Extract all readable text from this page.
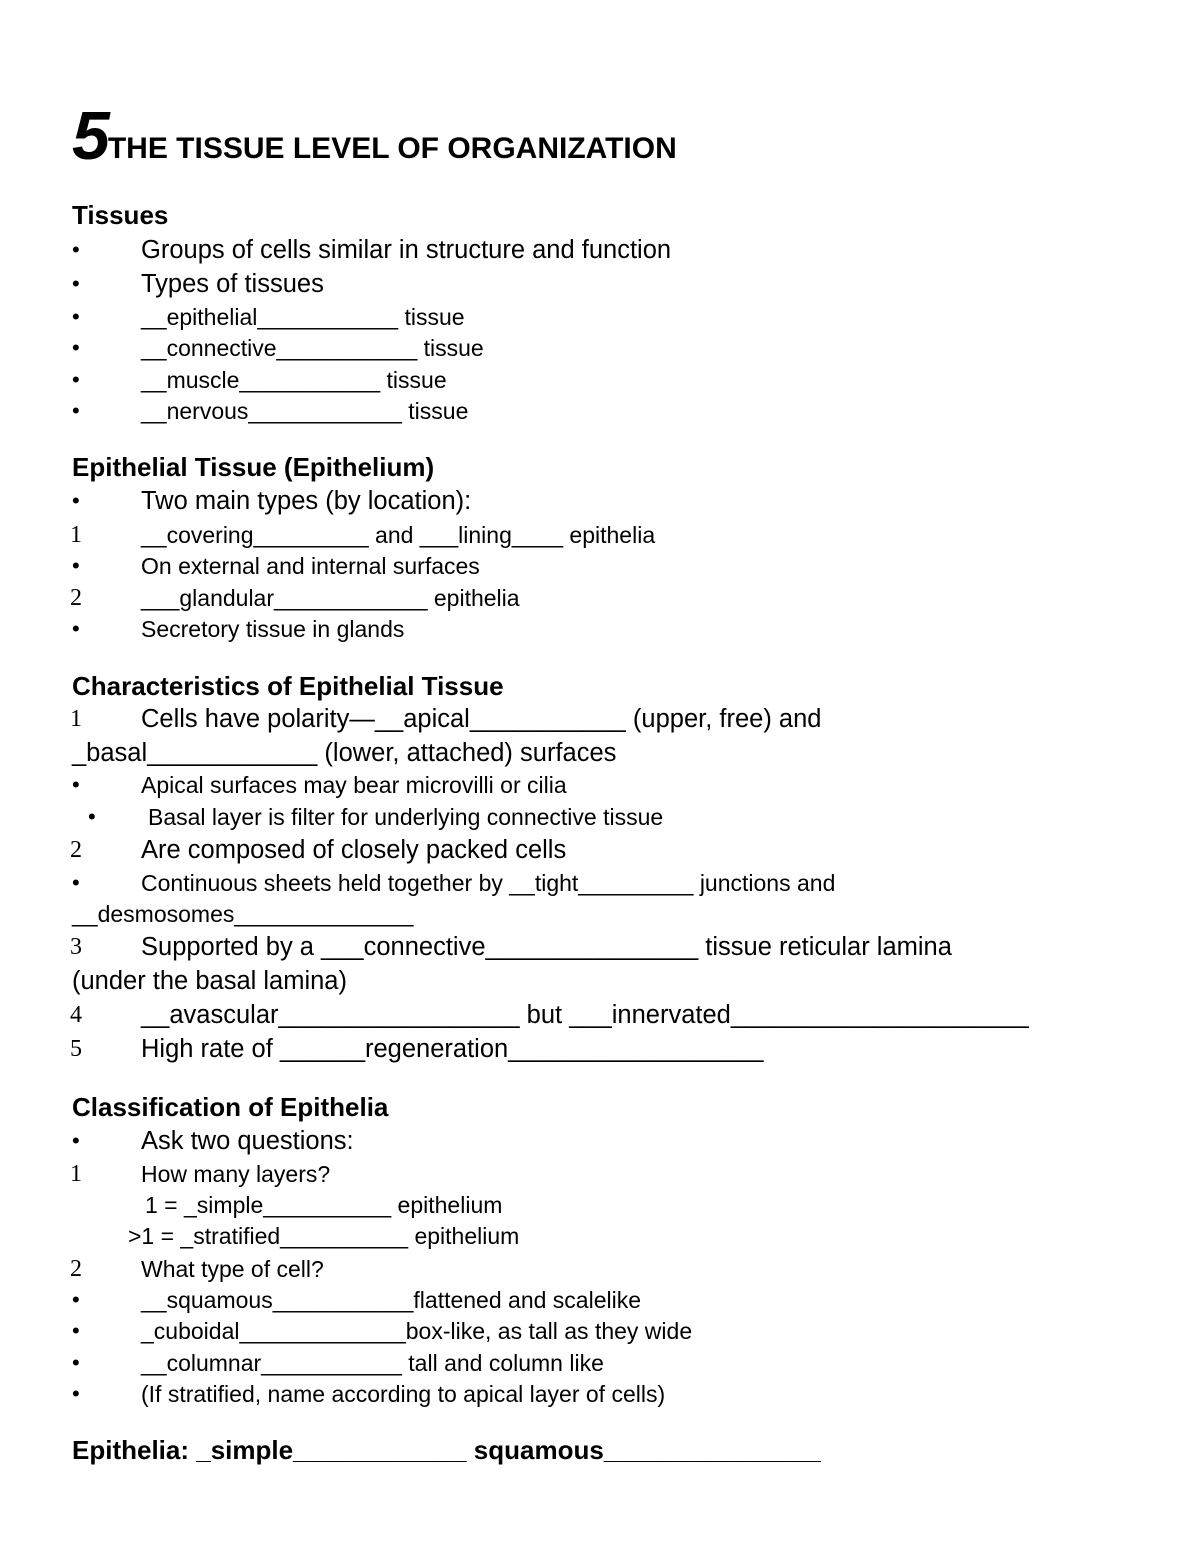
5THE TISSUE LEVEL OF ORGANIZATION
Tissues
•	Groups of cells similar in structure and function
•	Types of tissues
•	__epithelial___________ tissue
•	__connective___________ tissue
•	__muscle___________ tissue
•	__nervous____________ tissue
Epithelial Tissue (Epithelium)
•	Two main types (by location):
1	__covering_________ and ___lining____ epithelia
•	On external and internal surfaces
2	___glandular____________ epithelia
•	Secretory tissue in glands
Characteristics of Epithelial Tissue
1	Cells have polarity—__apical___________ (upper, free) and
_basal____________ (lower, attached) surfaces
•	Apical surfaces may bear microvilli or cilia
•	Basal layer is filter for underlying connective tissue
2	Are composed of closely packed cells
•	Continuous sheets held together by __tight_________ junctions and
__desmosomes______________
3	Supported by a ___connective_______________ tissue reticular lamina
(under the basal lamina)
4	__avascular_________________ but ___innervated_____________________
5	High rate of ______regeneration__________________
Classification of Epithelia
•	Ask two questions:
1	How many layers?
1 = _simple__________ epithelium
>1 = _stratified__________ epithelium
2	What type of cell?
•	__squamous___________flattened and scalelike
•	_cuboidal_____________box-like, as tall as they wide
•	__columnar___________ tall and column like
•	(If stratified, name according to apical layer of cells)
Epithelia: _simple____________ squamous_______________
